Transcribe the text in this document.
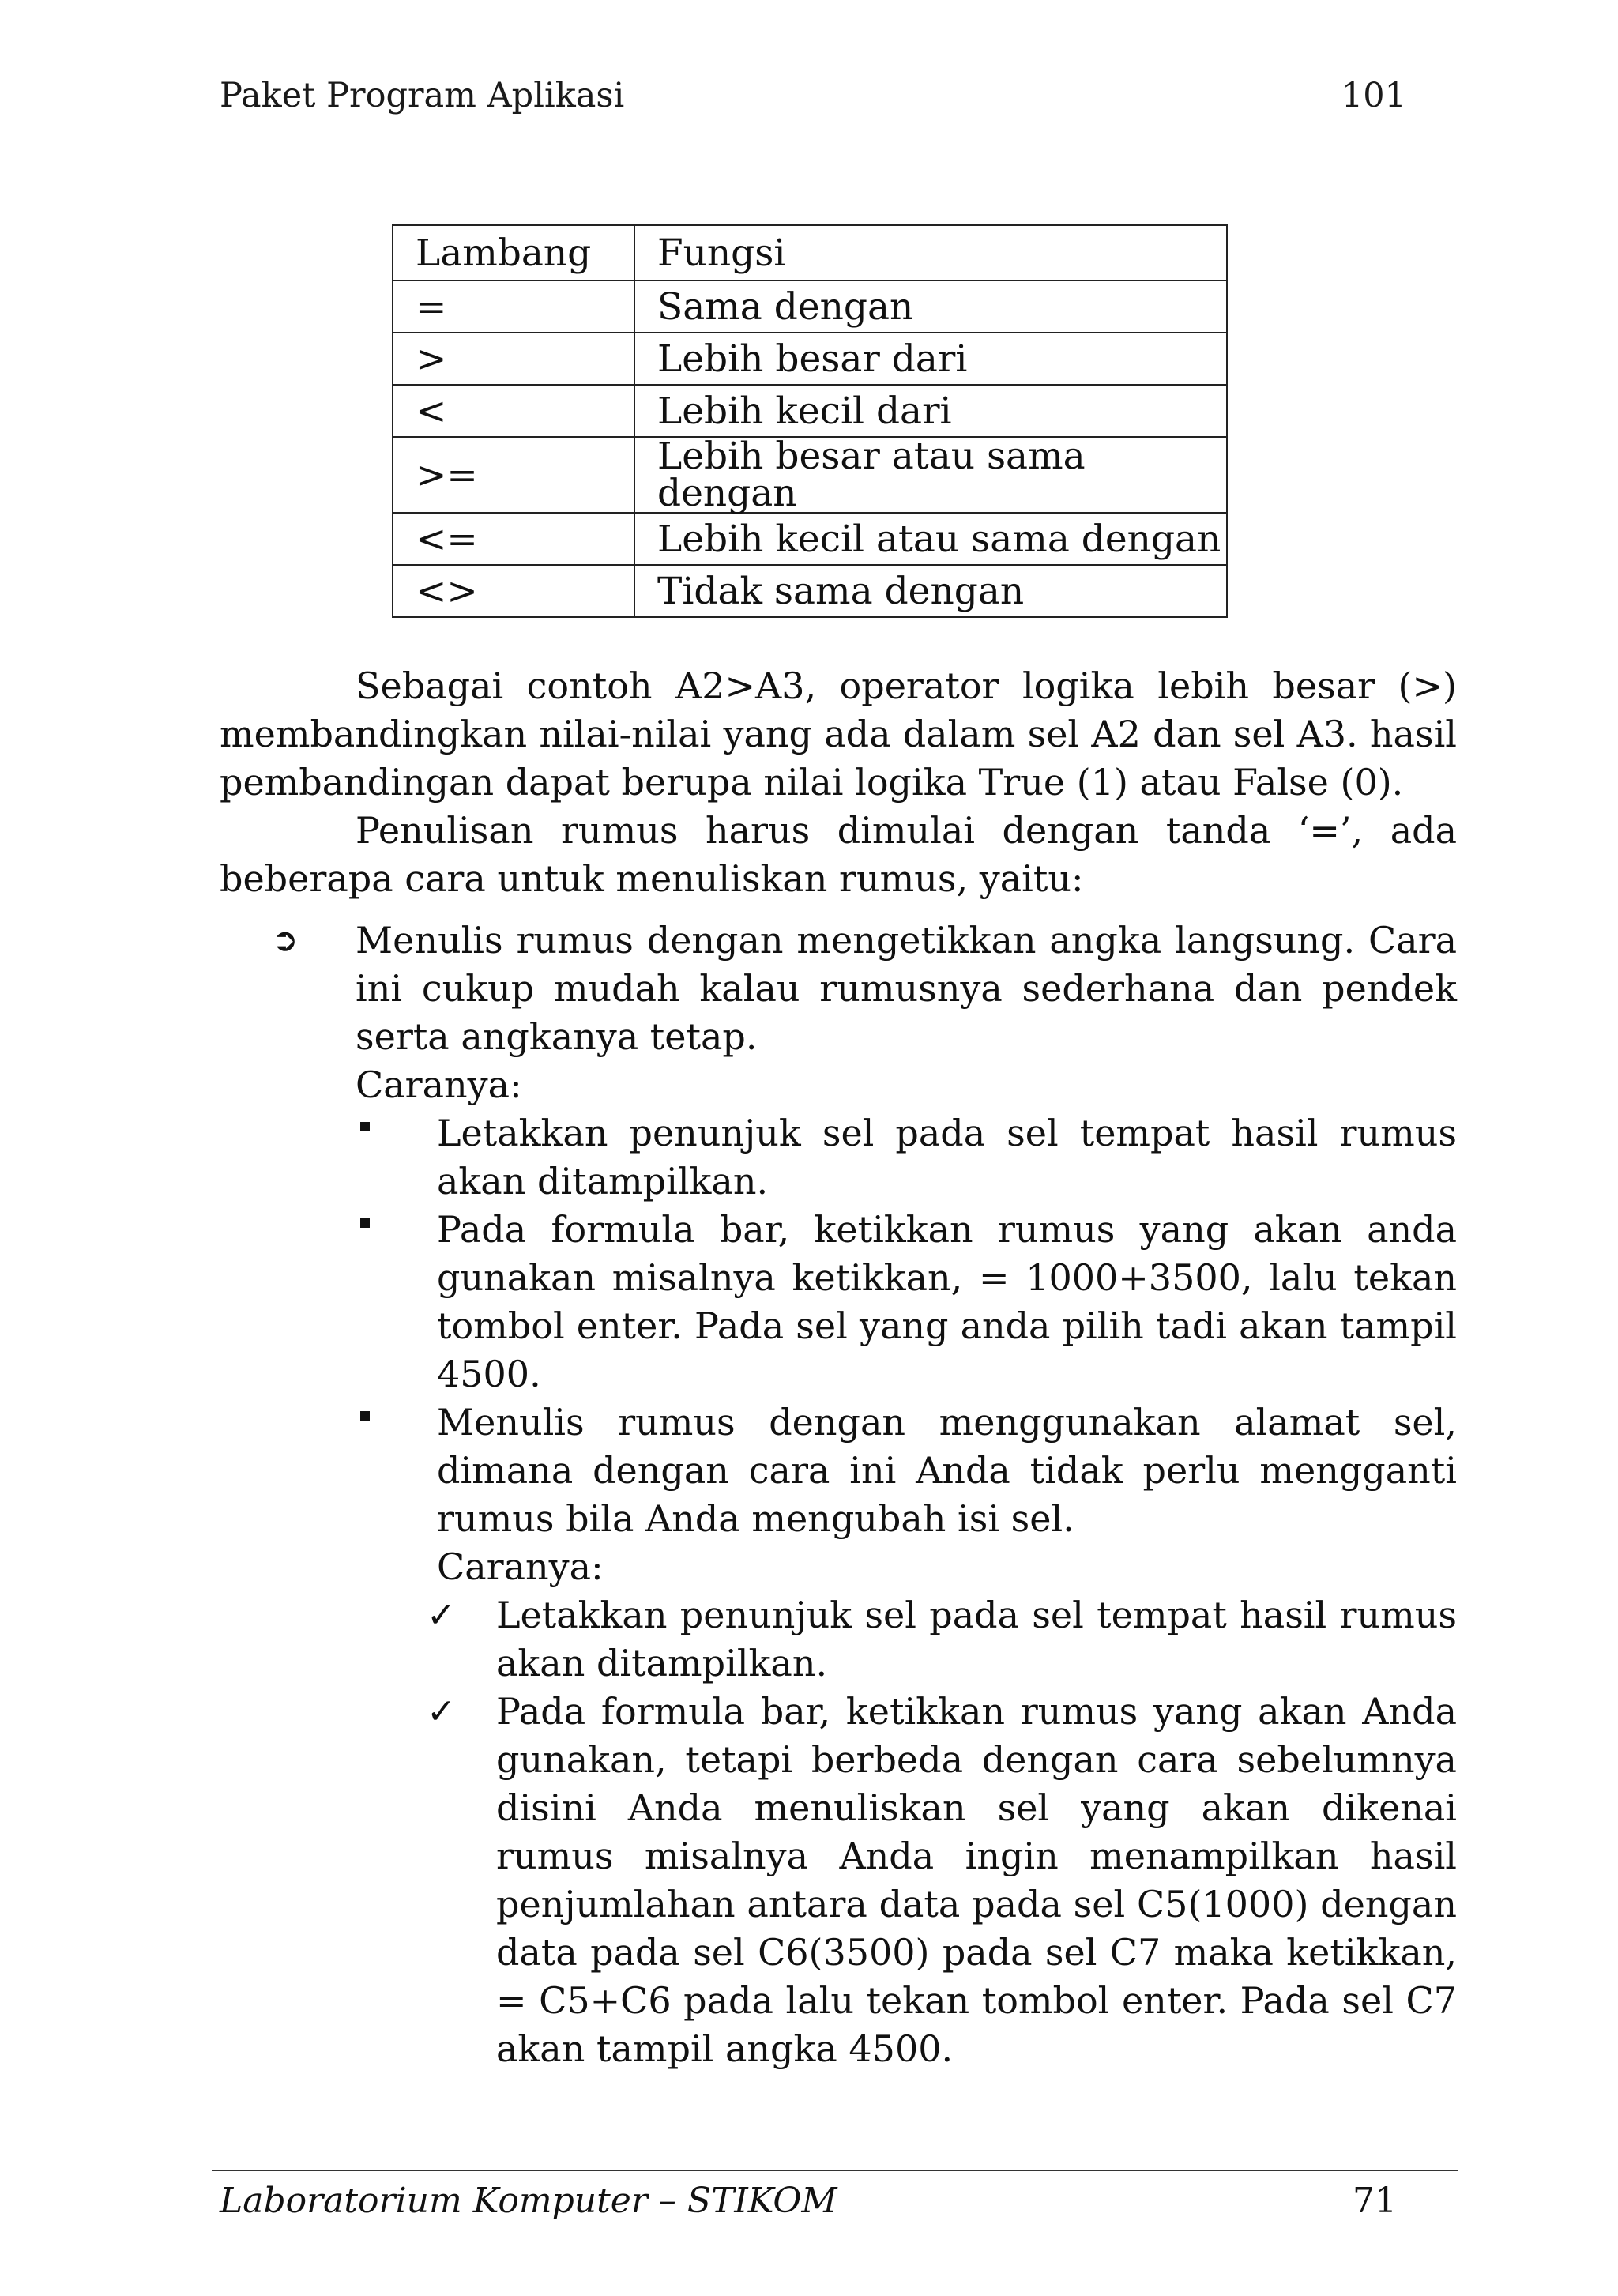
Paket Program Aplikasi	101
Lambang	Fungsi
=	Sama dengan
>	Lebih besar dari
<	Lebih kecil dari
>=	Lebih besar atau sama dengan
<=	Lebih kecil atau sama dengan
<>	Tidak sama dengan
Sebagai contoh A2>A3, operator logika lebih besar (>) membandingkan nilai-nilai yang ada dalam sel A2 dan sel A3. hasil pembandingan dapat berupa nilai logika True (1) atau False (0).
Penulisan rumus harus dimulai dengan tanda ‘=’, ada beberapa cara untuk menuliskan rumus, yaitu:
➲ Menulis rumus dengan mengetikkan angka langsung. Cara ini cukup mudah kalau rumusnya sederhana dan pendek serta angkanya tetap.
Caranya:
Letakkan penunjuk sel pada sel tempat hasil rumus akan ditampilkan.
Pada formula bar, ketikkan rumus yang akan anda gunakan misalnya ketikkan, = 1000+3500, lalu tekan tombol enter. Pada sel yang anda pilih tadi akan tampil 4500.
Menulis rumus dengan menggunakan alamat sel, dimana dengan cara ini Anda tidak perlu mengganti rumus bila Anda mengubah isi sel.
Caranya:
✓ Letakkan penunjuk sel pada sel tempat hasil rumus akan ditampilkan.
✓ Pada formula bar, ketikkan rumus yang akan Anda gunakan, tetapi berbeda dengan cara sebelumnya disini Anda menuliskan sel yang akan dikenai rumus misalnya Anda ingin menampilkan hasil penjumlahan antara data pada sel C5(1000) dengan data pada sel C6(3500) pada sel C7 maka ketikkan, = C5+C6 pada lalu tekan tombol enter. Pada sel C7 akan tampil angka 4500.
Laboratorium Komputer – STIKOM	71
